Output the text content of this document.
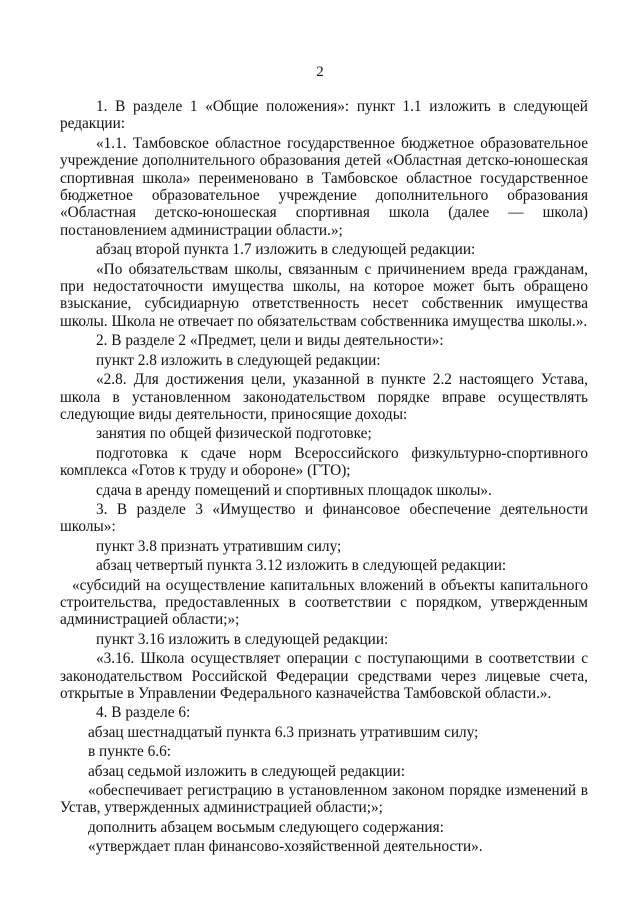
2

1. В разделе 1 «Общие положения»: пункт 1.1 изложить в следующей редакции:

«1.1. Тамбовское областное государственное бюджетное образовательное учреждение дополнительного образования детей «Областная детско-юношеская спортивная школа» переименовано в Тамбовское областное государственное бюджетное образовательное учреждение дополнительного образования «Областная детско-юношеская спортивная школа (далее — школа) постановлением администрации области.»;

абзац второй пункта 1.7 изложить в следующей редакции:

«По обязательствам школы, связанным с причинением вреда гражданам, при недостаточности имущества школы, на которое может быть обращено взыскание, субсидиарную ответственность несет собственник имущества школы. Школа не отвечает по обязательствам собственника имущества школы.».

2. В разделе 2 «Предмет, цели и виды деятельности»:

пункт 2.8 изложить в следующей редакции:

«2.8. Для достижения цели, указанной в пункте 2.2 настоящего Устава, школа в установленном законодательством порядке вправе осуществлять следующие виды деятельности, приносящие доходы:

занятия по общей физической подготовке;

подготовка к сдаче норм Всероссийского физкультурно-спортивного комплекса «Готов к труду и обороне» (ГТО);

сдача в аренду помещений и спортивных площадок школы».

3. В разделе 3 «Имущество и финансовое обеспечение деятельности школы»:

пункт 3.8 признать утратившим силу;

абзац четвертый пункта 3.12 изложить в следующей редакции:

«субсидий на осуществление капитальных вложений в объекты капитального строительства, предоставленных в соответствии с порядком, утвержденным администрацией области;»;

пункт 3.16 изложить в следующей редакции:

«3.16. Школа осуществляет операции с поступающими в соответствии с законодательством Российской Федерации средствами через лицевые счета, открытые в Управлении Федерального казначейства Тамбовской области.».

4. В разделе 6:

абзац шестнадцатый пункта 6.3 признать утратившим силу;

в пункте 6.6:

абзац седьмой изложить в следующей редакции:

«обеспечивает регистрацию в установленном законом порядке изменений в Устав, утвержденных администрацией области;»;

дополнить абзацем восьмым следующего содержания:

«утверждает план финансово-хозяйственной деятельности».
